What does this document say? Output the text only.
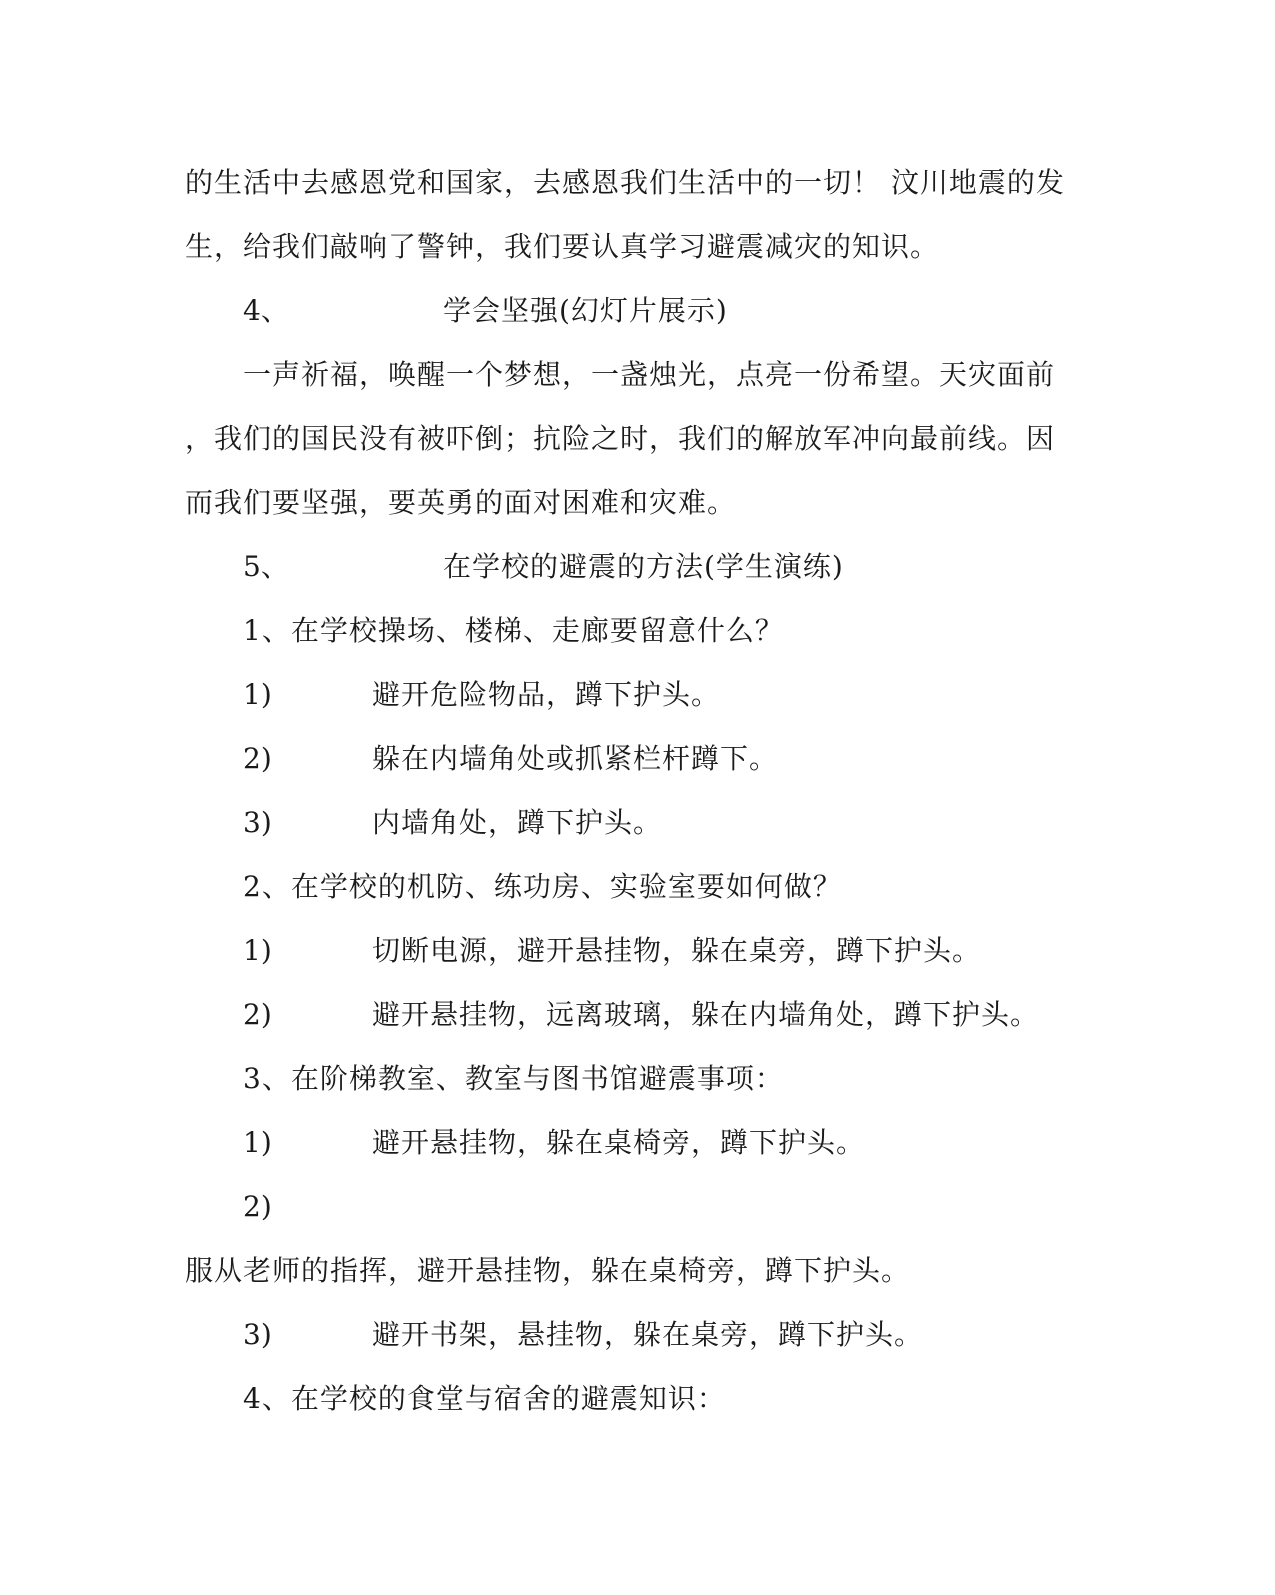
的生活中去感恩党和国家，去感恩我们生活中的一切！ 汶川地震的发
生，给我们敲响了警钟，我们要认真学习避震减灾的知识。
4、	学会坚强(幻灯片展示)
一声祈福，唤醒一个梦想，一盏烛光，点亮一份希望。天灾面前
，我们的国民没有被吓倒；抗险之时，我们的解放军冲向最前线。因
而我们要坚强，要英勇的面对困难和灾难。
5、	在学校的避震的方法(学生演练)
1、在学校操场、楼梯、走廊要留意什么？
1)	避开危险物品，蹲下护头。
2)	躲在内墙角处或抓紧栏杆蹲下。
3)	内墙角处，蹲下护头。
2、在学校的机防、练功房、实验室要如何做？
1)	切断电源，避开悬挂物，躲在桌旁，蹲下护头。
2)	避开悬挂物，远离玻璃，躲在内墙角处，蹲下护头。
3、在阶梯教室、教室与图书馆避震事项：
1)	避开悬挂物，躲在桌椅旁，蹲下护头。
2)
服从老师的指挥，避开悬挂物，躲在桌椅旁，蹲下护头。
3)	避开书架，悬挂物，躲在桌旁，蹲下护头。
4、在学校的食堂与宿舍的避震知识：
